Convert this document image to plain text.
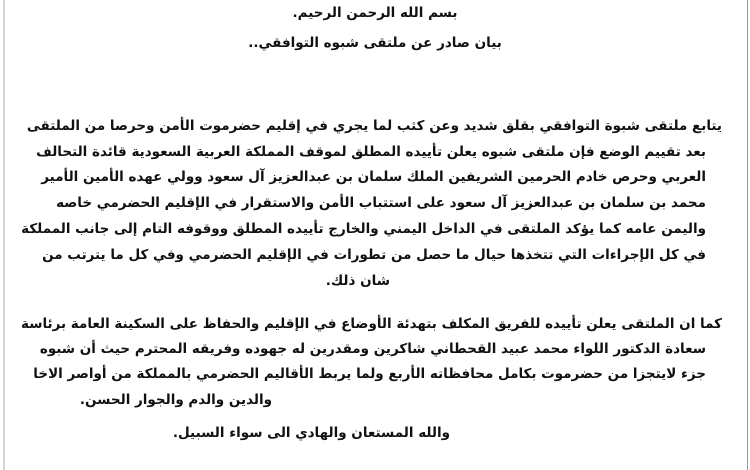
بسم الله الرحمن الرحيم.
بيان صادر عن ملتقى شبوه التوافقي..
يتابع ملتقى شبوة التوافقي بقلق شديد وعن كثب لما يجري في إقليم حضرموت الأمن وحرصا من الملتقى
بعد تقييم الوضع فإن ملتقى شبوه يعلن تأييده المطلق لموقف المملكة العربية السعودية قائدة التحالف
العربي وحرص خادم الحرمين الشريفين الملك سلمان بن عبدالعزيز آل سعود وولي عهده الأمين الأمير
محمد بن سلمان بن عبدالعزيز آل سعود على استتباب الأمن والاستقرار في الإقليم الحضرمي خاصه
واليمن عامه كما يؤكد الملتقى في الداخل اليمني والخارج تأييده المطلق ووقوفه التام إلى جانب المملكة
في كل الإجراءات التي تتخذها حيال ما حصل من تطورات في الإقليم الحضرمي وفي كل ما يترتب من
شان ذلك.
كما ان الملتقى يعلن تأييده للفريق المكلف بتهدئة الأوضاع في الإقليم والحفاظ على السكينة العامة برئاسة
سعادة الدكتور اللواء محمد عبيد القحطاني شاكرين ومقدرين له جهوده وفريقه المحترم حيث أن شبوه
جزء لايتجزا من حضرموت بكامل محافظاته الأربع ولما يربط الأقاليم الحضرمي بالمملكة من أواصر الاخا
والدين والدم والجوار الحسن.
والله المستعان والهادي الى سواء السبيل.
